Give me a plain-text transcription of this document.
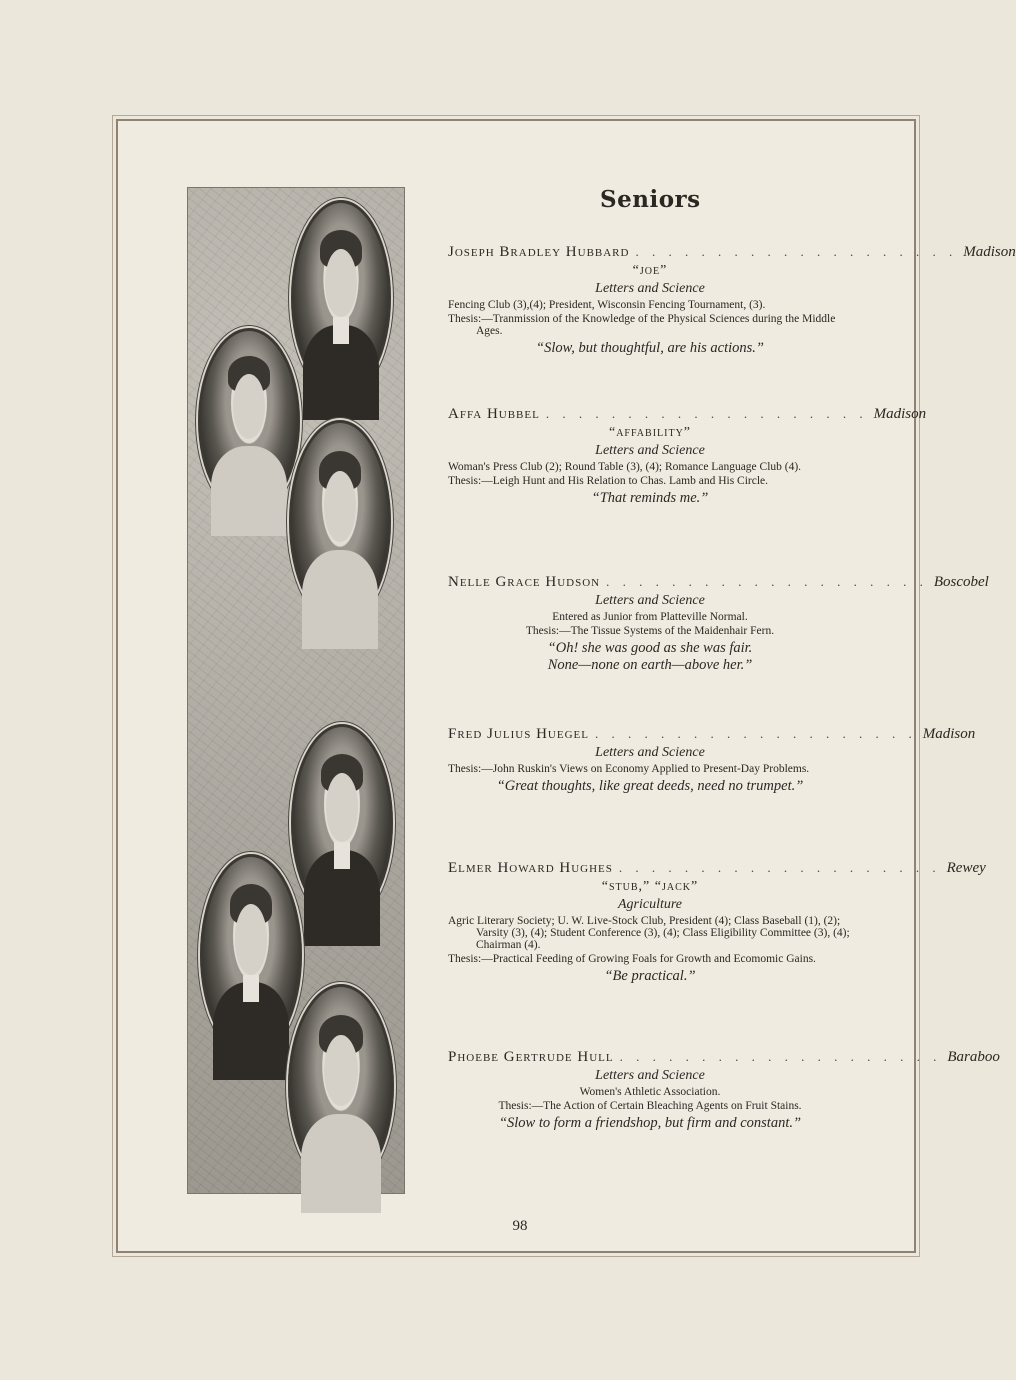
Seniors
Joseph Bradley Hubbard . . . . . . . . . . . . . . . . . . . . Madison
“joe”
Letters and Science
Fencing Club (3),(4); President, Wisconsin Fencing Tournament, (3).
Thesis:—Tranmission of the Knowledge of the Physical Sciences during the Middle Ages.
“Slow, but thoughtful, are his actions.”
Affa Hubbel . . . . . . . . . . . . . . . . . . . . Madison
“affability”
Letters and Science
Woman's Press Club (2); Round Table (3), (4); Romance Language Club (4).
Thesis:—Leigh Hunt and His Relation to Chas. Lamb and His Circle.
“That reminds me.”
Nelle Grace Hudson . . . . . . . . . . . . . . . . . . . . Boscobel
Letters and Science
Entered as Junior from Platteville Normal.
Thesis:—The Tissue Systems of the Maidenhair Fern.
“Oh! she was good as she was fair.
None—none on earth—above her.”
Fred Julius Huegel . . . . . . . . . . . . . . . . . . . . Madison
Letters and Science
Thesis:—John Ruskin's Views on Economy Applied to Present-Day Problems.
“Great thoughts, like great deeds, need no trumpet.”
Elmer Howard Hughes . . . . . . . . . . . . . . . . . . . . Rewey
“stub,” “jack”
Agriculture
Agric Literary Society; U. W. Live-Stock Club, President (4); Class Baseball (1), (2); Varsity (3), (4); Student Conference (3), (4); Class Eligibility Committee (3), (4); Chairman (4).
Thesis:—Practical Feeding of Growing Foals for Growth and Ecomomic Gains.
“Be practical.”
Phoebe Gertrude Hull . . . . . . . . . . . . . . . . . . . . Baraboo
Letters and Science
Women's Athletic Association.
Thesis:—The Action of Certain Bleaching Agents on Fruit Stains.
“Slow to form a friendshop, but firm and constant.”
98
